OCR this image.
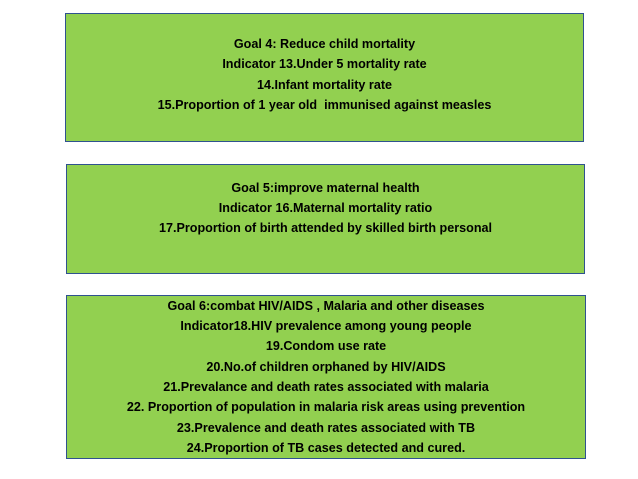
Goal 4: Reduce child mortality
Indicator 13.Under 5 mortality rate
14.Infant mortality rate
15.Proportion of 1 year old  immunised against measles
Goal 5:improve maternal health
Indicator 16.Maternal mortality ratio
17.Proportion of birth attended by skilled birth personal
Goal 6:combat HIV/AIDS , Malaria and other diseases
Indicator18.HIV prevalence among young people
19.Condom use rate
20.No.of children orphaned by HIV/AIDS
21.Prevalance and death rates associated with malaria
22. Proportion of population in malaria risk areas using prevention
23.Prevalence and death rates associated with TB
24.Proportion of TB cases detected and cured.
